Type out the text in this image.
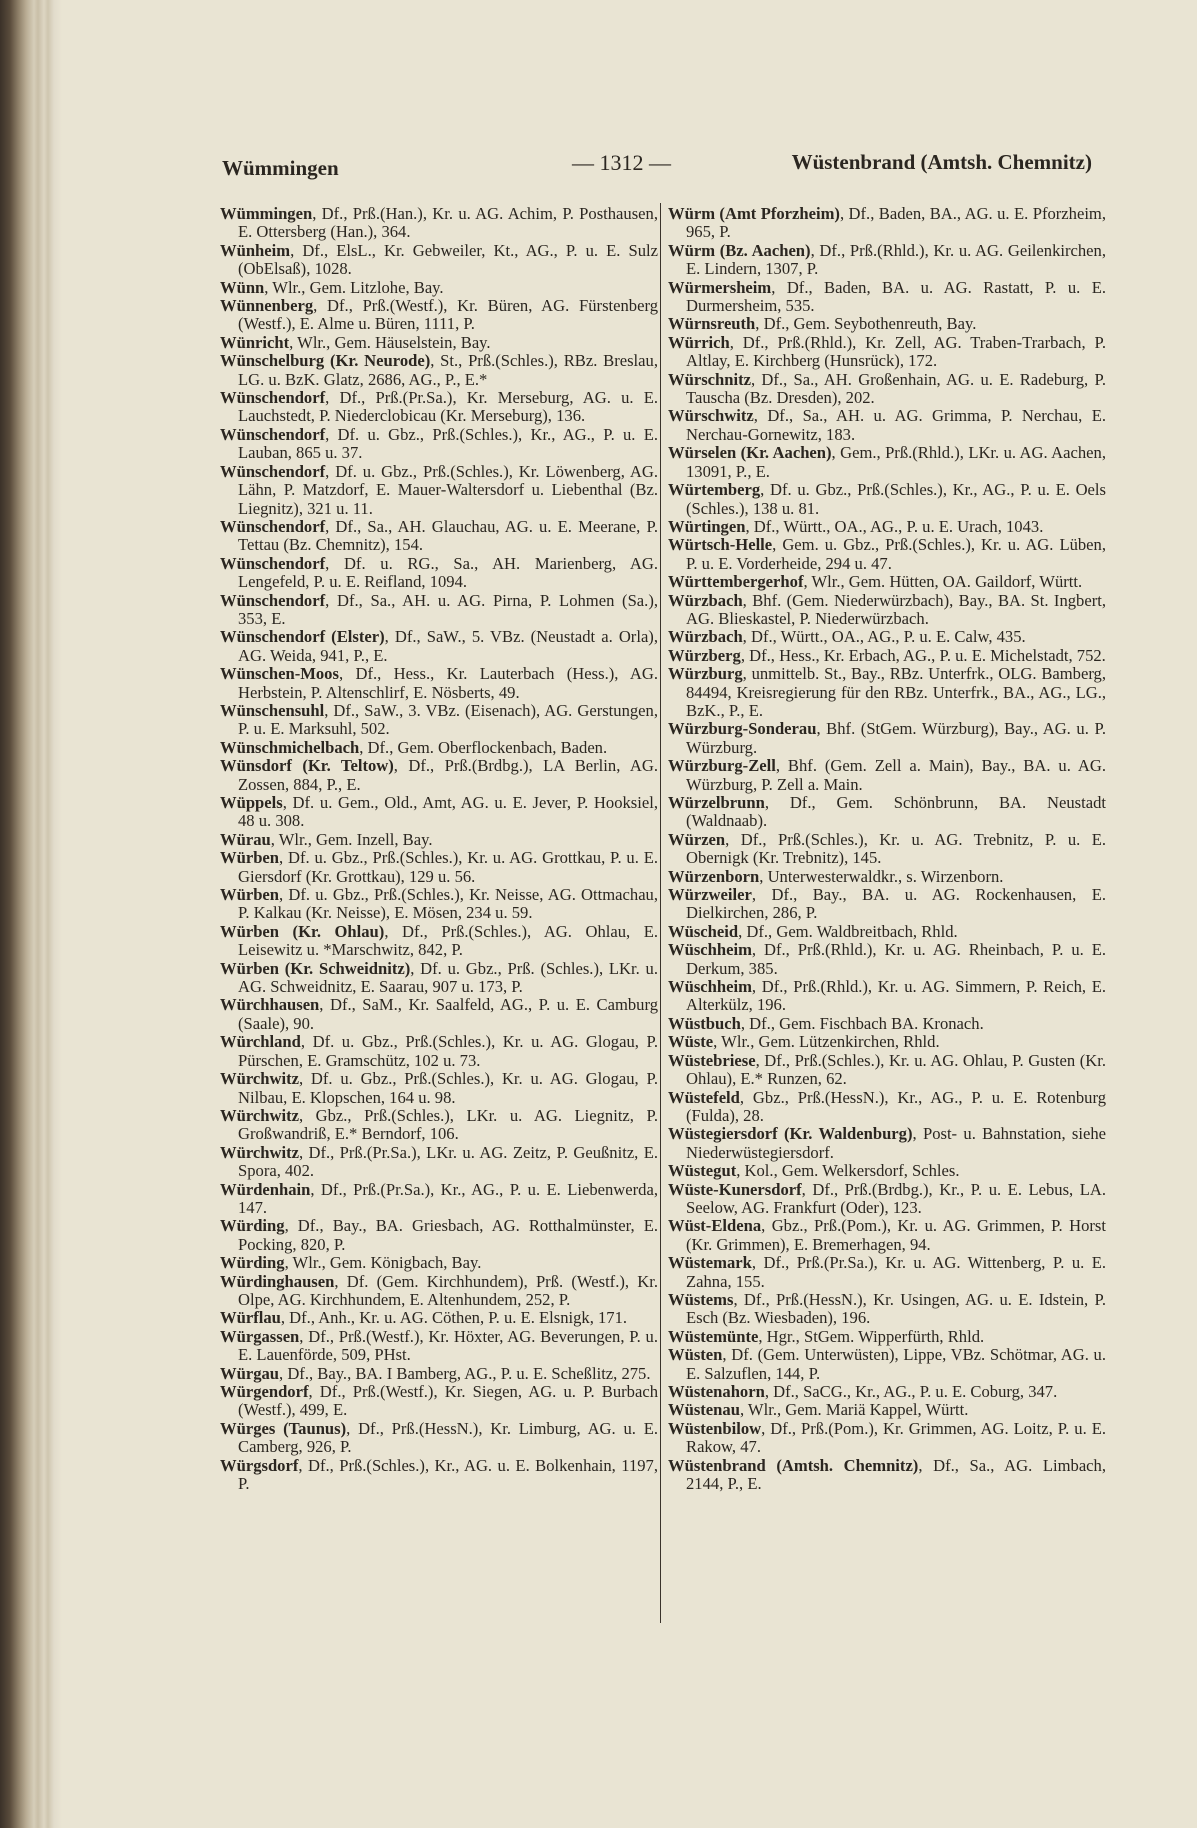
Wümmingen	— 1312 —	Wüstenbrand (Amtsh. Chemnitz)

Wümmingen, Df., Prß.(Han.), Kr. u. AG. Achim, P. Posthausen, E. Ottersberg (Han.), 364.

Wünheim, Df., ElsL., Kr. Gebweiler, Kt., AG., P. u. E. Sulz (ObElsaß), 1028.

Wünn, Wlr., Gem. Litzlohe, Bay.

Wünnenberg, Df., Prß.(Westf.), Kr. Büren, AG. Fürstenberg (Westf.), E. Alme u. Büren, 1111, P.

Wünricht, Wlr., Gem. Häuselstein, Bay.

Wünschelburg (Kr. Neurode), St., Prß.(Schles.), RBz. Breslau, LG. u. BzK. Glatz, 2686, AG., P., E.*

Wünschendorf, Df., Prß.(Pr.Sa.), Kr. Merseburg, AG. u. E. Lauchstedt, P. Niederclobicau (Kr. Merseburg), 136.

Wünschendorf, Df. u. Gbz., Prß.(Schles.), Kr., AG., P. u. E. Lauban, 865 u. 37.

Wünschendorf, Df. u. Gbz., Prß.(Schles.), Kr. Löwenberg, AG. Lähn, P. Matzdorf, E. Mauer-Waltersdorf u. Liebenthal (Bz. Liegnitz), 321 u. 11.

Wünschendorf, Df., Sa., AH. Glauchau, AG. u. E. Meerane, P. Tettau (Bz. Chemnitz), 154.

Wünschendorf, Df. u. RG., Sa., AH. Marienberg, AG. Lengefeld, P. u. E. Reifland, 1094.

Wünschendorf, Df., Sa., AH. u. AG. Pirna, P. Lohmen (Sa.), 353, E.

Wünschendorf (Elster), Df., SaW., 5. VBz. (Neustadt a. Orla), AG. Weida, 941, P., E.

Wünschen-Moos, Df., Hess., Kr. Lauterbach (Hess.), AG. Herbstein, P. Altenschlirf, E. Nösberts, 49.

Wünschensuhl, Df., SaW., 3. VBz. (Eisenach), AG. Gerstungen, P. u. E. Marksuhl, 502.

Wünschmichelbach, Df., Gem. Oberflockenbach, Baden.

Wünsdorf (Kr. Teltow), Df., Prß.(Brdbg.), LA Berlin, AG. Zossen, 884, P., E.

Wüppels, Df. u. Gem., Old., Amt, AG. u. E. Jever, P. Hooksiel, 48 u. 308.

Würau, Wlr., Gem. Inzell, Bay.

Würben, Df. u. Gbz., Prß.(Schles.), Kr. u. AG. Grottkau, P. u. E. Giersdorf (Kr. Grottkau), 129 u. 56.

Würben, Df. u. Gbz., Prß.(Schles.), Kr. Neisse, AG. Ottmachau, P. Kalkau (Kr. Neisse), E. Mösen, 234 u. 59.

Würben (Kr. Ohlau), Df., Prß.(Schles.), AG. Ohlau, E. Leisewitz u. *Marschwitz, 842, P.

Würben (Kr. Schweidnitz), Df. u. Gbz., Prß. (Schles.), LKr. u. AG. Schweidnitz, E. Saarau, 907 u. 173, P.

Würchhausen, Df., SaM., Kr. Saalfeld, AG., P. u. E. Camburg (Saale), 90.

Würchland, Df. u. Gbz., Prß.(Schles.), Kr. u. AG. Glogau, P. Pürschen, E. Gramschütz, 102 u. 73.

Würchwitz, Df. u. Gbz., Prß.(Schles.), Kr. u. AG. Glogau, P. Nilbau, E. Klopschen, 164 u. 98.

Würchwitz, Gbz., Prß.(Schles.), LKr. u. AG. Liegnitz, P. Großwandriß, E.* Berndorf, 106.

Würchwitz, Df., Prß.(Pr.Sa.), LKr. u. AG. Zeitz, P. Geußnitz, E. Spora, 402.

Würdenhain, Df., Prß.(Pr.Sa.), Kr., AG., P. u. E. Liebenwerda, 147.

Würding, Df., Bay., BA. Griesbach, AG. Rotthalmünster, E. Pocking, 820, P.

Würding, Wlr., Gem. Königbach, Bay.

Würdinghausen, Df. (Gem. Kirchhundem), Prß. (Westf.), Kr. Olpe, AG. Kirchhundem, E. Altenhundem, 252, P.

Würflau, Df., Anh., Kr. u. AG. Cöthen, P. u. E. Elsnigk, 171.

Würgassen, Df., Prß.(Westf.), Kr. Höxter, AG. Beverungen, P. u. E. Lauenförde, 509, PHst.

Würgau, Df., Bay., BA. I Bamberg, AG., P. u. E. Scheßlitz, 275.

Würgendorf, Df., Prß.(Westf.), Kr. Siegen, AG. u. P. Burbach (Westf.), 499, E.

Würges (Taunus), Df., Prß.(HessN.), Kr. Limburg, AG. u. E. Camberg, 926, P.

Würgsdorf, Df., Prß.(Schles.), Kr., AG. u. E. Bolkenhain, 1197, P.

Würm (Amt Pforzheim), Df., Baden, BA., AG. u. E. Pforzheim, 965, P.

Würm (Bz. Aachen), Df., Prß.(Rhld.), Kr. u. AG. Geilenkirchen, E. Lindern, 1307, P.

Würmersheim, Df., Baden, BA. u. AG. Rastatt, P. u. E. Durmersheim, 535.

Würnsreuth, Df., Gem. Seybothenreuth, Bay.

Würrich, Df., Prß.(Rhld.), Kr. Zell, AG. Traben-Trarbach, P. Altlay, E. Kirchberg (Hunsrück), 172.

Würschnitz, Df., Sa., AH. Großenhain, AG. u. E. Radeburg, P. Tauscha (Bz. Dresden), 202.

Würschwitz, Df., Sa., AH. u. AG. Grimma, P. Nerchau, E. Nerchau-Gornewitz, 183.

Würselen (Kr. Aachen), Gem., Prß.(Rhld.), LKr. u. AG. Aachen, 13091, P., E.

Würtemberg, Df. u. Gbz., Prß.(Schles.), Kr., AG., P. u. E. Oels (Schles.), 138 u. 81.

Würtingen, Df., Württ., OA., AG., P. u. E. Urach, 1043.

Würtsch-Helle, Gem. u. Gbz., Prß.(Schles.), Kr. u. AG. Lüben, P. u. E. Vorderheide, 294 u. 47.

Württembergerhof, Wlr., Gem. Hütten, OA. Gaildorf, Württ.

Würzbach, Bhf. (Gem. Niederwürzbach), Bay., BA. St. Ingbert, AG. Blieskastel, P. Niederwürzbach.

Würzbach, Df., Württ., OA., AG., P. u. E. Calw, 435.

Würzberg, Df., Hess., Kr. Erbach, AG., P. u. E. Michelstadt, 752.

Würzburg, unmittelb. St., Bay., RBz. Unterfrk., OLG. Bamberg, 84494, Kreisregierung für den RBz. Unterfrk., BA., AG., LG., BzK., P., E.

Würzburg-Sonderau, Bhf. (StGem. Würzburg), Bay., AG. u. P. Würzburg.

Würzburg-Zell, Bhf. (Gem. Zell a. Main), Bay., BA. u. AG. Würzburg, P. Zell a. Main.

Würzelbrunn, Df., Gem. Schönbrunn, BA. Neustadt (Waldnaab).

Würzen, Df., Prß.(Schles.), Kr. u. AG. Trebnitz, P. u. E. Obernigk (Kr. Trebnitz), 145.

Würzenborn, Unterwesterwaldkr., s. Wirzenborn.

Würzweiler, Df., Bay., BA. u. AG. Rockenhausen, E. Dielkirchen, 286, P.

Wüscheid, Df., Gem. Waldbreitbach, Rhld.

Wüschheim, Df., Prß.(Rhld.), Kr. u. AG. Rheinbach, P. u. E. Derkum, 385.

Wüschheim, Df., Prß.(Rhld.), Kr. u. AG. Simmern, P. Reich, E. Alterkülz, 196.

Wüstbuch, Df., Gem. Fischbach BA. Kronach.

Wüste, Wlr., Gem. Lützenkirchen, Rhld.

Wüstebriese, Df., Prß.(Schles.), Kr. u. AG. Ohlau, P. Gusten (Kr. Ohlau), E.* Runzen, 62.

Wüstefeld, Gbz., Prß.(HessN.), Kr., AG., P. u. E. Rotenburg (Fulda), 28.

Wüstegiersdorf (Kr. Waldenburg), Post- u. Bahnstation, siehe Niederwüstegiersdorf.

Wüstegut, Kol., Gem. Welkersdorf, Schles.

Wüste-Kunersdorf, Df., Prß.(Brdbg.), Kr., P. u. E. Lebus, LA. Seelow, AG. Frankfurt (Oder), 123.

Wüst-Eldena, Gbz., Prß.(Pom.), Kr. u. AG. Grimmen, P. Horst (Kr. Grimmen), E. Bremerhagen, 94.

Wüstemark, Df., Prß.(Pr.Sa.), Kr. u. AG. Wittenberg, P. u. E. Zahna, 155.

Wüstems, Df., Prß.(HessN.), Kr. Usingen, AG. u. E. Idstein, P. Esch (Bz. Wiesbaden), 196.

Wüstemünte, Hgr., StGem. Wipperfürth, Rhld.

Wüsten, Df. (Gem. Unterwüsten), Lippe, VBz. Schötmar, AG. u. E. Salzuflen, 144, P.

Wüstenahorn, Df., SaCG., Kr., AG., P. u. E. Coburg, 347.

Wüstenau, Wlr., Gem. Mariä Kappel, Württ.

Wüstenbilow, Df., Prß.(Pom.), Kr. Grimmen, AG. Loitz, P. u. E. Rakow, 47.

Wüstenbrand (Amtsh. Chemnitz), Df., Sa., AG. Limbach, 2144, P., E.
